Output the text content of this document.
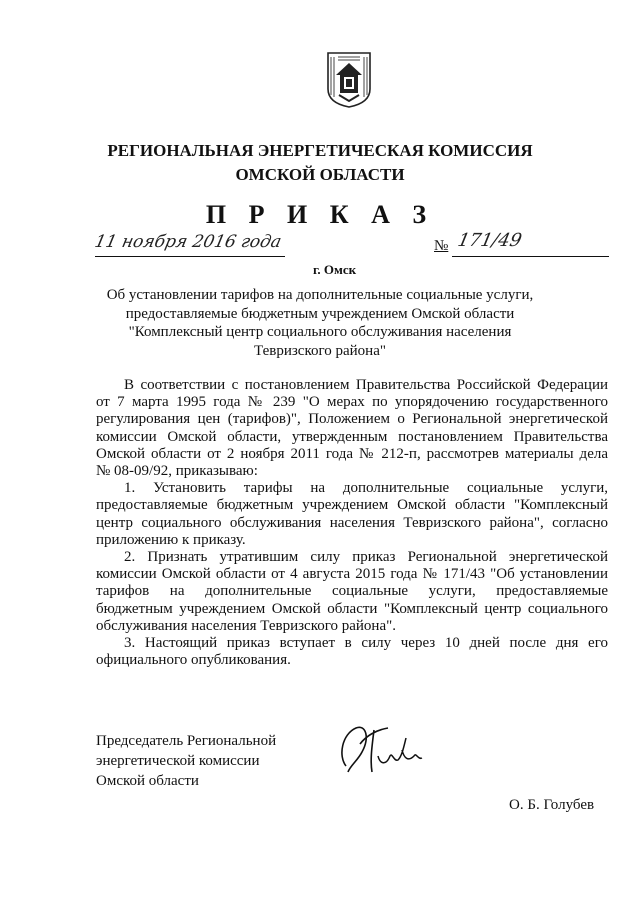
РЕГИОНАЛЬНАЯ ЭНЕРГЕТИЧЕСКАЯ КОМИССИЯ
ОМСКОЙ ОБЛАСТИ
П Р И К А З
11 ноября 2016 года	№ 171/49
г. Омск
Об установлении тарифов на дополнительные социальные услуги,
предоставляемые бюджетным учреждением Омской области
"Комплексный центр социального обслуживания населения
Тевризского района"
В соответствии с постановлением Правительства Российской Федерации
от 7 марта 1995 года № 239 "О мерах по упорядочению государственного
регулирования цен (тарифов)", Положением о Региональной энергетической
комиссии Омской области, утвержденным постановлением Правительства
Омской области от 2 ноября 2011 года № 212-п, рассмотрев материалы дела
№ 08-09/92, приказываю:
1. Установить тарифы на дополнительные социальные услуги,
предоставляемые бюджетным учреждением Омской области "Комплексный
центр социального обслуживания населения Тевризского района", согласно
приложению к приказу.
2. Признать утратившим силу приказ Региональной энергетической
комиссии Омской области от 4 августа 2015 года № 171/43 "Об установлении
тарифов на дополнительные социальные услуги, предоставляемые
бюджетным учреждением Омской области "Комплексный центр социального
обслуживания населения Тевризского района".
3. Настоящий приказ вступает в силу через 10 дней после дня его
официального опубликования.
Председатель Региональной
энергетической комиссии
Омской области
О. Б. Голубев
